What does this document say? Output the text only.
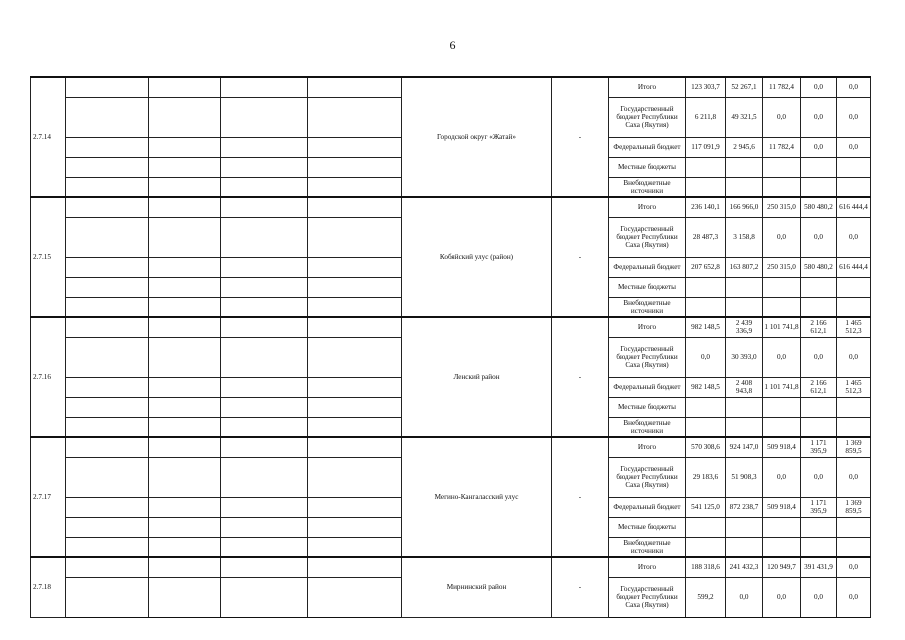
6
2.7.14					Городской округ «Жатай»	-	Итого	123 303,7	52 267,1	11 782,4	0,0	0,0
							Государственный бюджет Республики Саха (Якутия)	6 211,8	49 321,5	0,0	0,0	0,0
							Федеральный бюджет	117 091,9	2 945,6	11 782,4	0,0	0,0
							Местные бюджеты					
							Внебюджетные источники					
2.7.15					Кобяйский улус (район)	-	Итого	236 140,1	166 966,0	250 315,0	580 480,2	616 444,4
							Государственный бюджет Республики Саха (Якутия)	28 487,3	3 158,8	0,0	0,0	0,0
							Федеральный бюджет	207 652,8	163 807,2	250 315,0	580 480,2	616 444,4
							Местные бюджеты					
							Внебюджетные источники					
2.7.16					Ленский район	-	Итого	982 148,5	2 439 336,9	1 101 741,8	2 166 612,1	1 465 512,3
							Государственный бюджет Республики Саха (Якутия)	0,0	30 393,0	0,0	0,0	0,0
							Федеральный бюджет	982 148,5	2 408 943,8	1 101 741,8	2 166 612,1	1 465 512,3
							Местные бюджеты					
							Внебюджетные источники					
2.7.17					Мегино-Кангаласский улус	-	Итого	570 308,6	924 147,0	509 918,4	1 171 395,9	1 369 859,5
							Государственный бюджет Республики Саха (Якутия)	29 183,6	51 908,3	0,0	0,0	0,0
							Федеральный бюджет	541 125,0	872 238,7	509 918,4	1 171 395,9	1 369 859,5
							Местные бюджеты					
							Внебюджетные источники					
2.7.18					Мирнинский район	-	Итого	188 318,6	241 432,3	120 949,7	391 431,9	0,0
							Государственный бюджет Республики Саха (Якутия)	599,2	0,0	0,0	0,0	0,0
